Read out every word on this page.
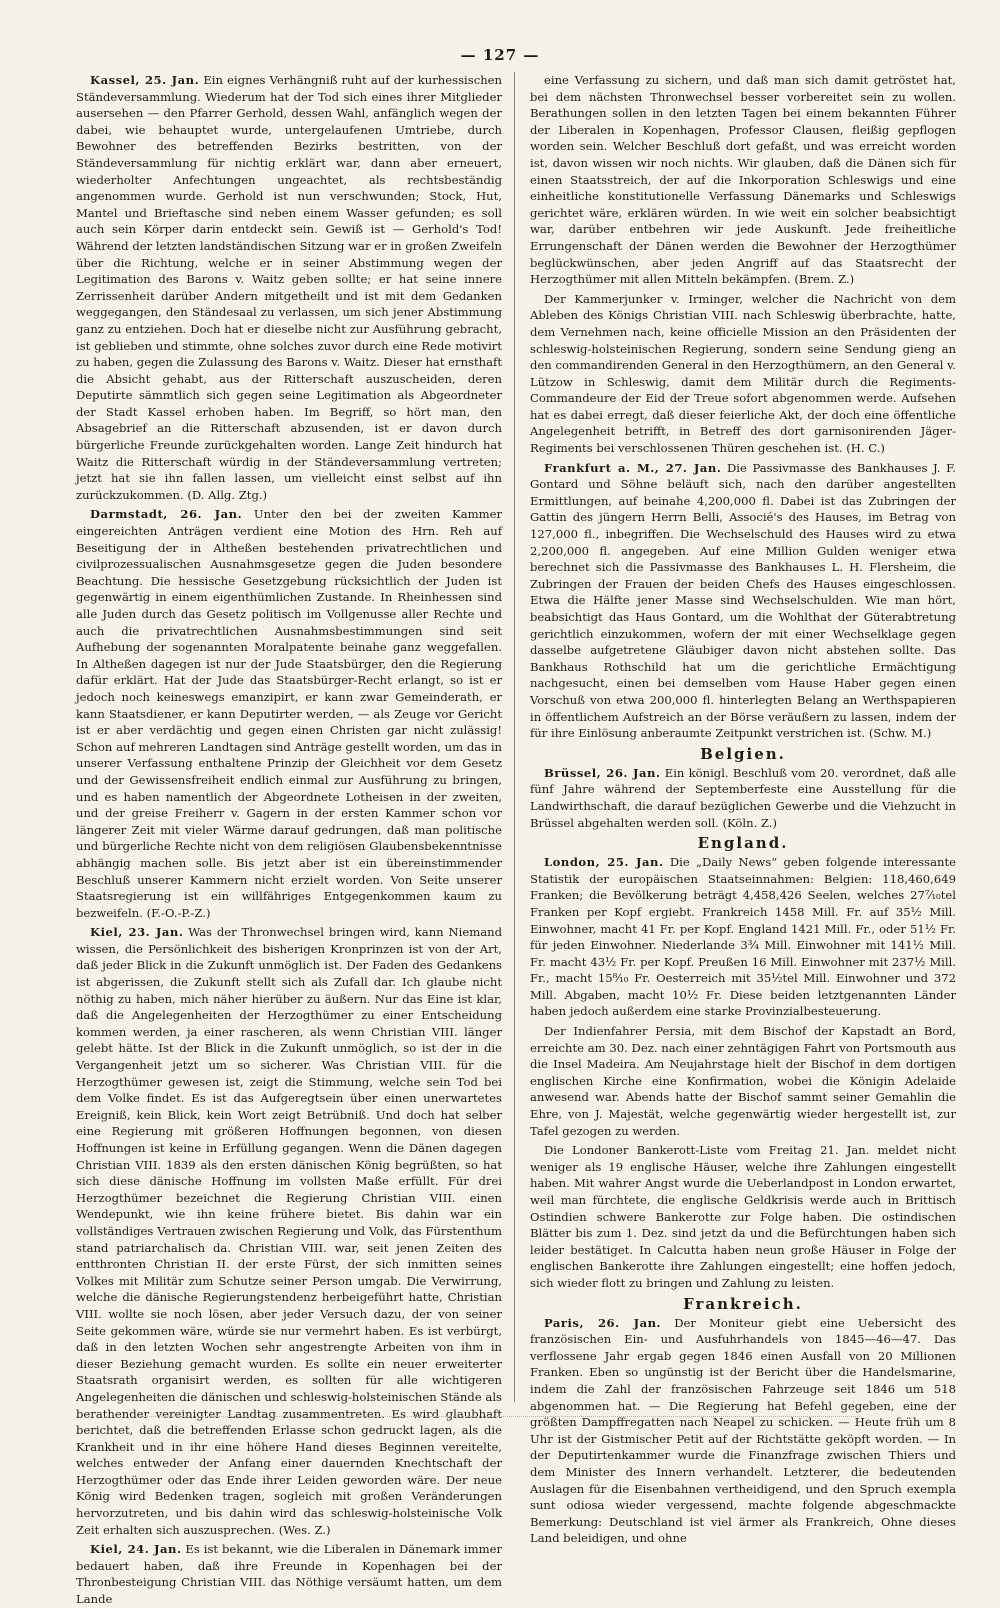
— 127 —

Kassel, 25. Jan. Ein eignes Verhängniß ruht auf der kurhessischen Ständeversammlung. Wiederum hat der Tod sich eines ihrer Mitglieder ausersehen — den Pfarrer Gerhold, dessen Wahl, anfänglich wegen der dabei, wie behauptet wurde, untergelaufenen Umtriebe, durch Bewohner des betreffenden Bezirks bestritten, von der Ständeversammlung für nichtig erklärt war, dann aber erneuert, wiederholter Anfechtungen ungeachtet, als rechtsbeständig angenommen wurde. Gerhold ist nun verschwunden; Stock, Hut, Mantel und Brieftasche sind neben einem Wasser gefunden; es soll auch sein Körper darin entdeckt sein. Gewiß ist — Gerhold's Tod! Während der letzten landständischen Sitzung war er in großen Zweifeln über die Richtung, welche er in seiner Abstimmung wegen der Legitimation des Barons v. Waitz geben sollte; er hat seine innere Zerrissenheit darüber Andern mitgetheilt und ist mit dem Gedanken weggegangen, den Ständesaal zu verlassen, um sich jener Abstimmung ganz zu entziehen. Doch hat er dieselbe nicht zur Ausführung gebracht, ist geblieben und stimmte, ohne solches zuvor durch eine Rede motivirt zu haben, gegen die Zulassung des Barons v. Waitz. Dieser hat ernsthaft die Absicht gehabt, aus der Ritterschaft auszuscheiden, deren Deputirte sämmtlich sich gegen seine Legitimation als Abgeordneter der Stadt Kassel erhoben haben. Im Begriff, so hört man, den Absagebrief an die Ritterschaft abzusenden, ist er davon durch bürgerliche Freunde zurückgehalten worden. Lange Zeit hindurch hat Waitz die Ritterschaft würdig in der Ständeversammlung vertreten; jetzt hat sie ihn fallen lassen, um vielleicht einst selbst auf ihn zurückzukommen. (D. Allg. Ztg.)

Darmstadt, 26. Jan. Unter den bei der zweiten Kammer eingereichten Anträgen verdient eine Motion des Hrn. Reh auf Beseitigung der in Altheßen bestehenden privatrechtlichen und civilprozessualischen Ausnahmsgesetze gegen die Juden besondere Beachtung. Die hessische Gesetzgebung rücksichtlich der Juden ist gegenwärtig in einem eigenthümlichen Zustande. In Rheinhessen sind alle Juden durch das Gesetz politisch im Vollgenusse aller Rechte und auch die privatrechtlichen Ausnahmsbestimmungen sind seit Aufhebung der sogenannten Moralpatente beinahe ganz weggefallen. In Altheßen dagegen ist nur der Jude Staatsbürger, den die Regierung dafür erklärt. Hat der Jude das Staatsbürger-Recht erlangt, so ist er jedoch noch keineswegs emanzipirt, er kann zwar Gemeinderath, er kann Staatsdiener, er kann Deputirter werden, — als Zeuge vor Gericht ist er aber verdächtig und gegen einen Christen gar nicht zulässig! Schon auf mehreren Landtagen sind Anträge gestellt worden, um das in unserer Verfassung enthaltene Prinzip der Gleichheit vor dem Gesetz und der Gewissensfreiheit endlich einmal zur Ausführung zu bringen, und es haben namentlich der Abgeordnete Lotheisen in der zweiten, und der greise Freiherr v. Gagern in der ersten Kammer schon vor längerer Zeit mit vieler Wärme darauf gedrungen, daß man politische und bürgerliche Rechte nicht von dem religiösen Glaubensbekenntnisse abhängig machen solle. Bis jetzt aber ist ein übereinstimmender Beschluß unserer Kammern nicht erzielt worden. Von Seite unserer Staatsregierung ist ein willfähriges Entgegenkommen kaum zu bezweifeln. (F.-O.-P.-Z.)

Kiel, 23. Jan. Was der Thronwechsel bringen wird, kann Niemand wissen, die Persönlichkeit des bisherigen Kronprinzen ist von der Art, daß jeder Blick in die Zukunft unmöglich ist. Der Faden des Gedankens ist abgerissen, die Zukunft stellt sich als Zufall dar. Ich glaube nicht nöthig zu haben, mich näher hierüber zu äußern. Nur das Eine ist klar, daß die Angelegenheiten der Herzogthümer zu einer Entscheidung kommen werden, ja einer rascheren, als wenn Christian VIII. länger gelebt hätte. Ist der Blick in die Zukunft unmöglich, so ist der in die Vergangenheit jetzt um so sicherer. Was Christian VIII. für die Herzogthümer gewesen ist, zeigt die Stimmung, welche sein Tod bei dem Volke findet. Es ist das Aufgeregtsein über einen unerwartetes Ereigniß, kein Blick, kein Wort zeigt Betrübniß. Und doch hat selber eine Regierung mit größeren Hoffnungen begonnen, von diesen Hoffnungen ist keine in Erfüllung gegangen. Wenn die Dänen dagegen Christian VIII. 1839 als den ersten dänischen König begrüßten, so hat sich diese dänische Hoffnung im vollsten Maße erfüllt. Für drei Herzogthümer bezeichnet die Regierung Christian VIII. einen Wendepunkt, wie ihn keine frühere bietet. Bis dahin war ein vollständiges Vertrauen zwischen Regierung und Volk, das Fürstenthum stand patriarchalisch da. Christian VIII. war, seit jenen Zeiten des entthronten Christian II. der erste Fürst, der sich inmitten seines Volkes mit Militär zum Schutze seiner Person umgab. Die Verwirrung, welche die dänische Regierungstendenz herbeigeführt hatte, Christian VIII. wollte sie noch lösen, aber jeder Versuch dazu, der von seiner Seite gekommen wäre, würde sie nur vermehrt haben. Es ist verbürgt, daß in den letzten Wochen sehr angestrengte Arbeiten von ihm in dieser Beziehung gemacht wurden. Es sollte ein neuer erweiterter Staatsrath organisirt werden, es sollten für alle wichtigeren Angelegenheiten die dänischen und schleswig-holsteinischen Stände als berathender vereinigter Landtag zusammentreten. Es wird glaubhaft berichtet, daß die betreffenden Erlasse schon gedruckt lagen, als die Krankheit und in ihr eine höhere Hand dieses Beginnen vereitelte, welches entweder der Anfang einer dauernden Knechtschaft der Herzogthümer oder das Ende ihrer Leiden geworden wäre. Der neue König wird Bedenken tragen, sogleich mit großen Veränderungen hervorzutreten, und bis dahin wird das schleswig-holsteinische Volk Zeit erhalten sich auszusprechen. (Wes. Z.)

Kiel, 24. Jan. Es ist bekannt, wie die Liberalen in Dänemark immer bedauert haben, daß ihre Freunde in Kopenhagen bei der Thronbesteigung Christian VIII. das Nöthige versäumt hatten, um dem Lande

eine Verfassung zu sichern, und daß man sich damit getröstet hat, bei dem nächsten Thronwechsel besser vorbereitet sein zu wollen. Berathungen sollen in den letzten Tagen bei einem bekannten Führer der Liberalen in Kopenhagen, Professor Clausen, fleißig gepflogen worden sein. Welcher Beschluß dort gefaßt, und was erreicht worden ist, davon wissen wir noch nichts. Wir glauben, daß die Dänen sich für einen Staatsstreich, der auf die Inkorporation Schleswigs und eine einheitliche konstitutionelle Verfassung Dänemarks und Schleswigs gerichtet wäre, erklären würden. In wie weit ein solcher beabsichtigt war, darüber entbehren wir jede Auskunft. Jede freiheitliche Errungenschaft der Dänen werden die Bewohner der Herzogthümer beglückwünschen, aber jeden Angriff auf das Staatsrecht der Herzogthümer mit allen Mitteln bekämpfen. (Brem. Z.)

Der Kammerjunker v. Irminger, welcher die Nachricht von dem Ableben des Königs Christian VIII. nach Schleswig überbrachte, hatte, dem Vernehmen nach, keine officielle Mission an den Präsidenten der schleswig-holsteinischen Regierung, sondern seine Sendung gieng an den commandirenden General in den Herzogthümern, an den General v. Lützow in Schleswig, damit dem Militär durch die Regiments-Commandeure der Eid der Treue sofort abgenommen werde. Aufsehen hat es dabei erregt, daß dieser feierliche Akt, der doch eine öffentliche Angelegenheit betrifft, in Betreff des dort garnisonirenden Jäger-Regiments bei verschlossenen Thüren geschehen ist. (H. C.)

Frankfurt a. M., 27. Jan. Die Passivmasse des Bankhauses J. F. Gontard und Söhne beläuft sich, nach den darüber angestellten Ermittlungen, auf beinahe 4,200,000 fl. Dabei ist das Zubringen der Gattin des jüngern Herrn Belli, Associé's des Hauses, im Betrag von 127,000 fl., inbegriffen. Die Wechselschuld des Hauses wird zu etwa 2,200,000 fl. angegeben. Auf eine Million Gulden weniger etwa berechnet sich die Passivmasse des Bankhauses L. H. Flersheim, die Zubringen der Frauen der beiden Chefs des Hauses eingeschlossen. Etwa die Hälfte jener Masse sind Wechselschulden. Wie man hört, beabsichtigt das Haus Gontard, um die Wohlthat der Güterabtretung gerichtlich einzukommen, wofern der mit einer Wechselklage gegen dasselbe aufgetretene Gläubiger davon nicht abstehen sollte. Das Bankhaus Rothschild hat um die gerichtliche Ermächtigung nachgesucht, einen bei demselben vom Hause Haber gegen einen Vorschuß von etwa 200,000 fl. hinterlegten Belang an Werthspapieren in öffentlichem Aufstreich an der Börse veräußern zu lassen, indem der für ihre Einlösung anberaumte Zeitpunkt verstrichen ist. (Schw. M.)

Belgien.

Brüssel, 26. Jan. Ein königl. Beschluß vom 20. verordnet, daß alle fünf Jahre während der Septemberfeste eine Ausstellung für die Landwirthschaft, die darauf bezüglichen Gewerbe und die Viehzucht in Brüssel abgehalten werden soll. (Köln. Z.)

England.

London, 25. Jan. Die „Daily News“ geben folgende interessante Statistik der europäischen Staatseinnahmen: Belgien: 118,460,649 Franken; die Bevölkerung beträgt 4,458,426 Seelen, welches 27⁷⁄₁₀tel Franken per Kopf ergiebt. Frankreich 1458 Mill. Fr. auf 35¹⁄₂ Mill. Einwohner, macht 41 Fr. per Kopf. England 1421 Mill. Fr., oder 51¹⁄₂ Fr. für jeden Einwohner. Niederlande 3³⁄₄ Mill. Einwohner mit 141¹⁄₂ Mill. Fr. macht 43¹⁄₂ Fr. per Kopf. Preußen 16 Mill. Einwohner mit 237¹⁄₂ Mill. Fr., macht 15⁸⁄₁₀ Fr. Oesterreich mit 35¹⁄₂tel Mill. Einwohner und 372 Mill. Abgaben, macht 10¹⁄₂ Fr. Diese beiden letztgenannten Länder haben jedoch außerdem eine starke Provinzialbesteuerung.

Der Indienfahrer Persia, mit dem Bischof der Kapstadt an Bord, erreichte am 30. Dez. nach einer zehntägigen Fahrt von Portsmouth aus die Insel Madeira. Am Neujahrstage hielt der Bischof in dem dortigen englischen Kirche eine Konfirmation, wobei die Königin Adelaide anwesend war. Abends hatte der Bischof sammt seiner Gemahlin die Ehre, von J. Majestät, welche gegenwärtig wieder hergestellt ist, zur Tafel gezogen zu werden.

Die Londoner Bankerott-Liste vom Freitag 21. Jan. meldet nicht weniger als 19 englische Häuser, welche ihre Zahlungen eingestellt haben. Mit wahrer Angst wurde die Ueberlandpost in London erwartet, weil man fürchtete, die englische Geldkrisis werde auch in Brittisch Ostindien schwere Bankerotte zur Folge haben. Die ostindischen Blätter bis zum 1. Dez. sind jetzt da und die Befürchtungen haben sich leider bestätiget. In Calcutta haben neun große Häuser in Folge der englischen Bankerotte ihre Zahlungen eingestellt; eine hoffen jedoch, sich wieder flott zu bringen und Zahlung zu leisten.

Frankreich.

Paris, 26. Jan. Der Moniteur giebt eine Uebersicht des französischen Ein- und Ausfuhrhandels von 1845—46—47. Das verflossene Jahr ergab gegen 1846 einen Ausfall von 20 Millionen Franken. Eben so ungünstig ist der Bericht über die Handelsmarine, indem die Zahl der französischen Fahrzeuge seit 1846 um 518 abgenommen hat. — Die Regierung hat Befehl gegeben, eine der größten Dampffregatten nach Neapel zu schicken. — Heute früh um 8 Uhr ist der Gistmischer Petit auf der Richtstätte geköpft worden. — In der Deputirtenkammer wurde die Finanzfrage zwischen Thiers und dem Minister des Innern verhandelt. Letzterer, die bedeutenden Auslagen für die Eisenbahnen vertheidigend, und den Spruch exempla sunt odiosa wieder vergessend, machte folgende abgeschmackte Bemerkung: Deutschland ist viel ärmer als Frankreich, Ohne dieses Land beleidigen, und ohne
